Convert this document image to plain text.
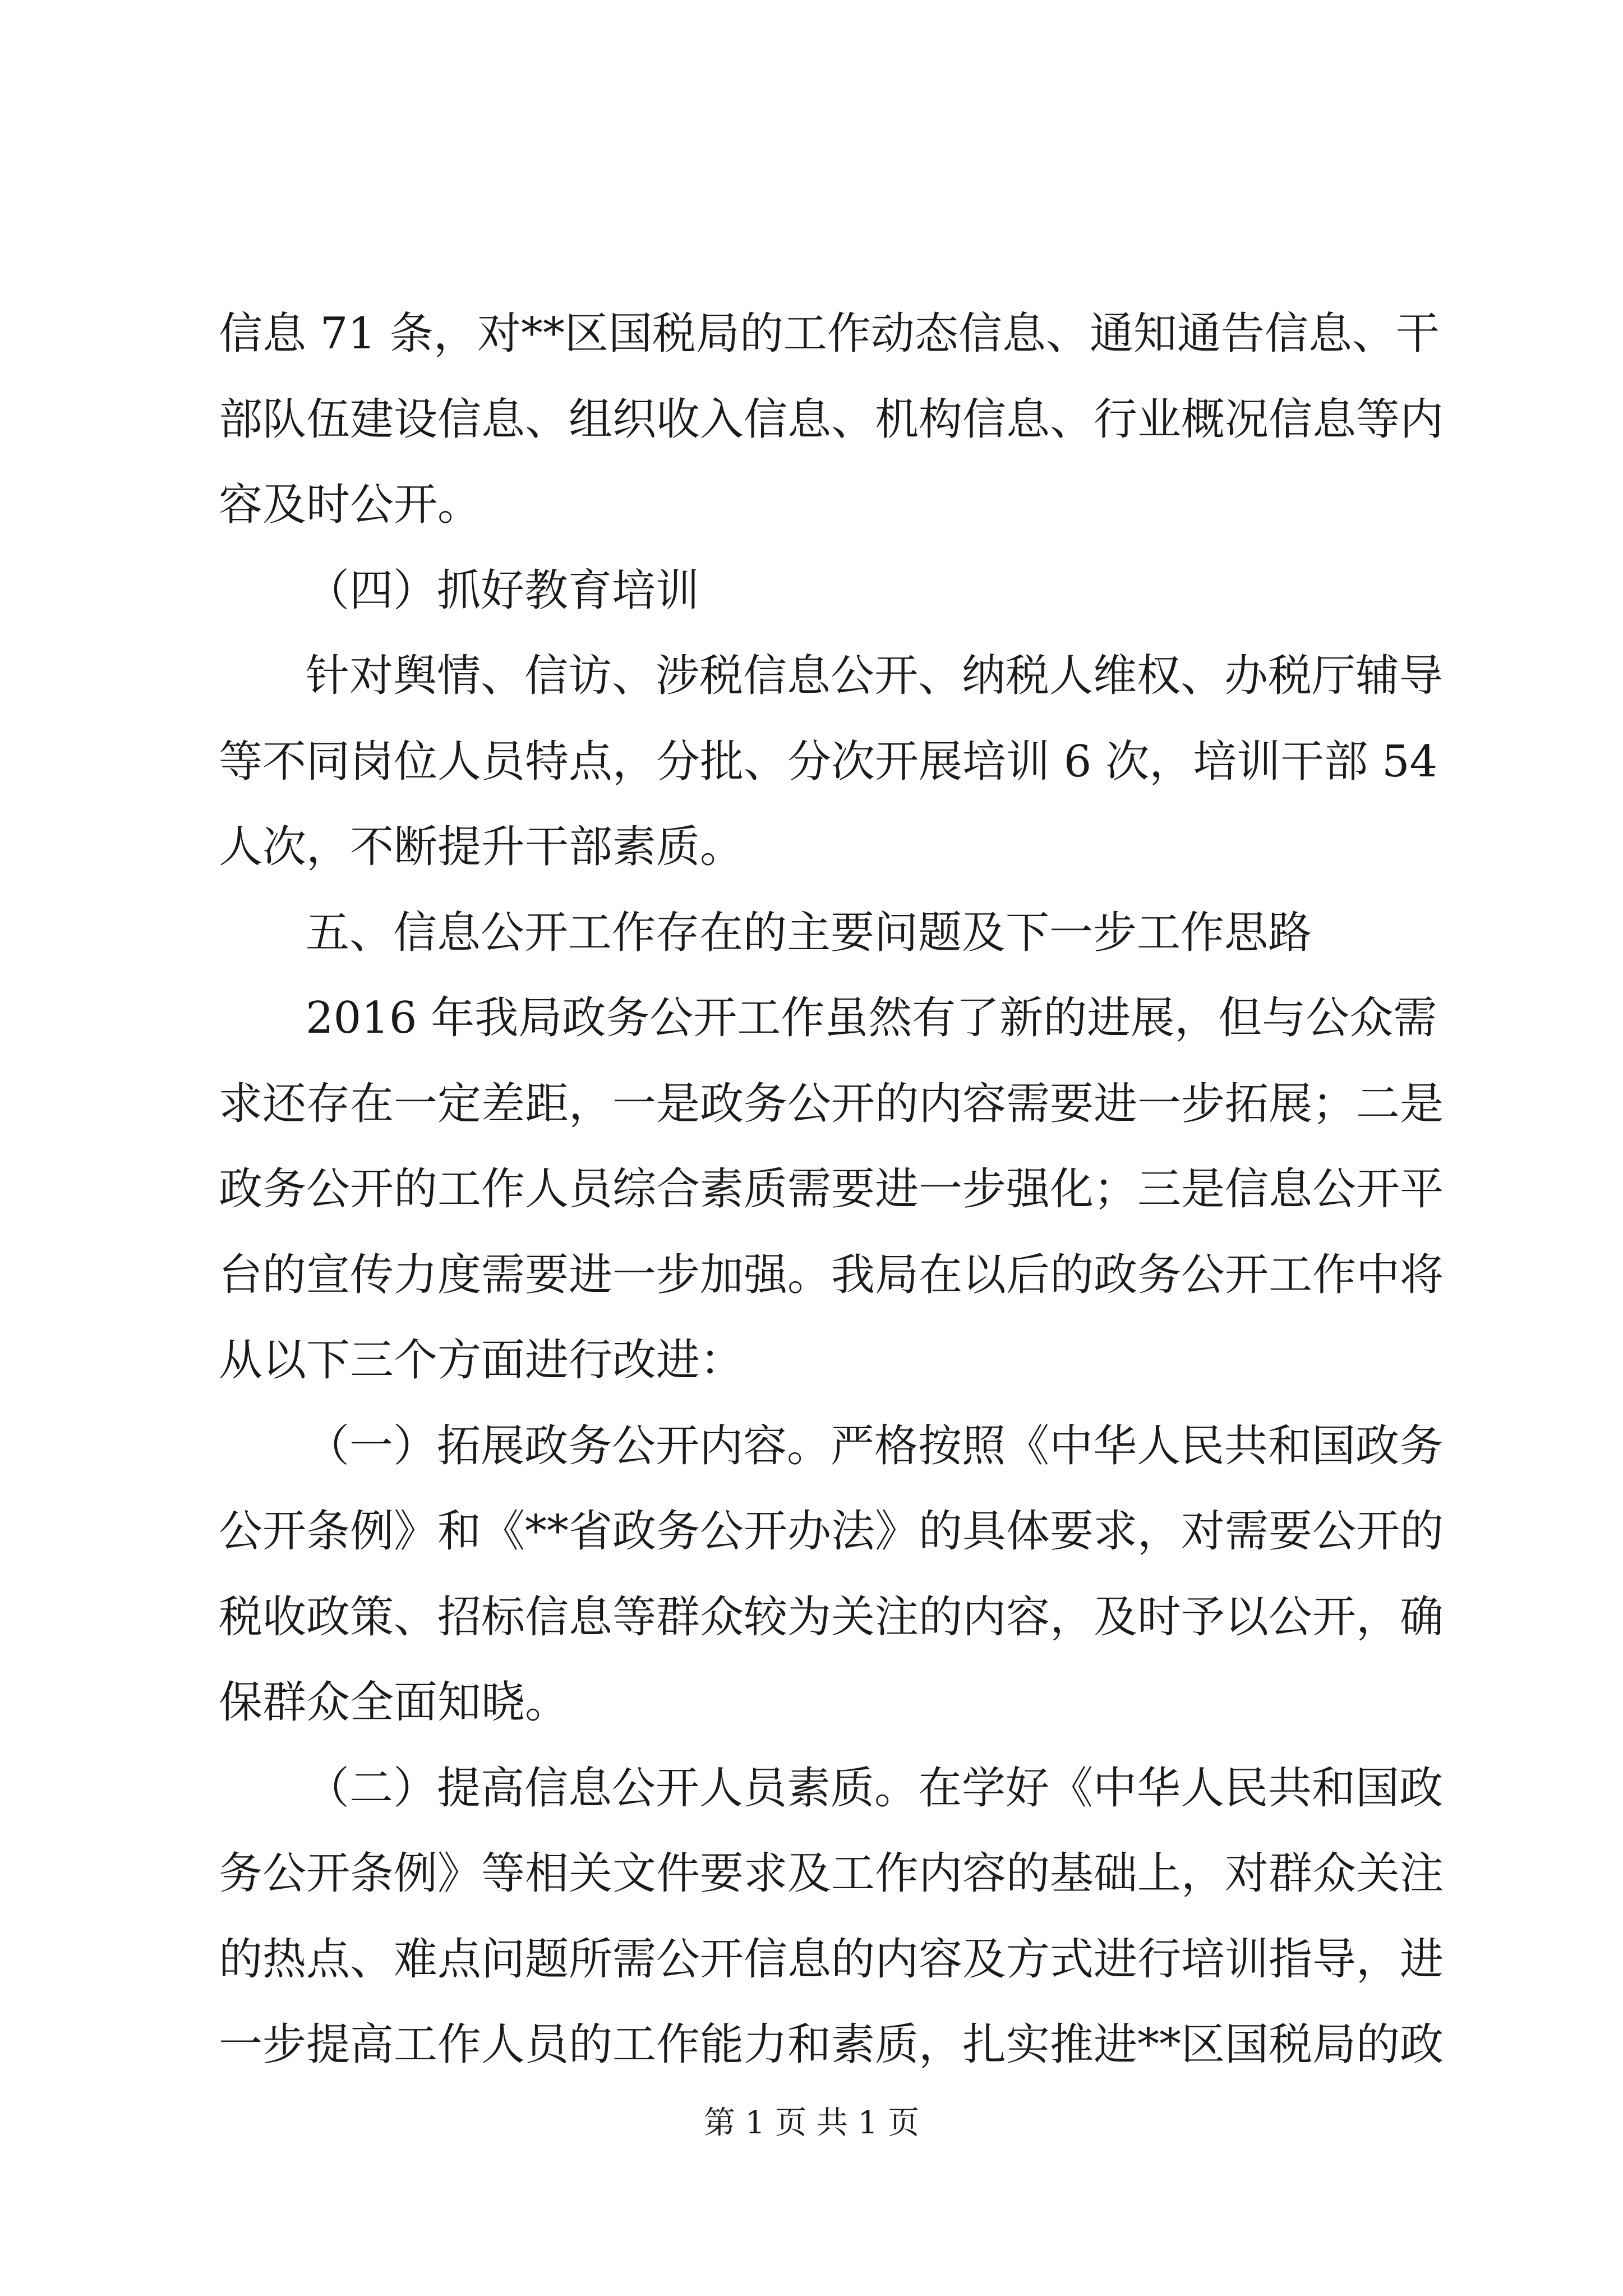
信息 71 条，对**区国税局的工作动态信息、通知通告信息、干
部队伍建设信息、组织收入信息、机构信息、行业概况信息等内
容及时公开。
（四）抓好教育培训
针对舆情、信访、涉税信息公开、纳税人维权、办税厅辅导
等不同岗位人员特点，分批、分次开展培训 6 次，培训干部 54
人次，不断提升干部素质。
五、信息公开工作存在的主要问题及下一步工作思路
2016 年我局政务公开工作虽然有了新的进展，但与公众需
求还存在一定差距，一是政务公开的内容需要进一步拓展；二是
政务公开的工作人员综合素质需要进一步强化；三是信息公开平
台的宣传力度需要进一步加强。我局在以后的政务公开工作中将
从以下三个方面进行改进：
（一）拓展政务公开内容。严格按照《中华人民共和国政务
公开条例》和《**省政务公开办法》的具体要求，对需要公开的
税收政策、招标信息等群众较为关注的内容，及时予以公开，确
保群众全面知晓。
（二）提高信息公开人员素质。在学好《中华人民共和国政
务公开条例》等相关文件要求及工作内容的基础上，对群众关注
的热点、难点问题所需公开信息的内容及方式进行培训指导，进
一步提高工作人员的工作能力和素质，扎实推进**区国税局的政
第 1 页 共 1 页
